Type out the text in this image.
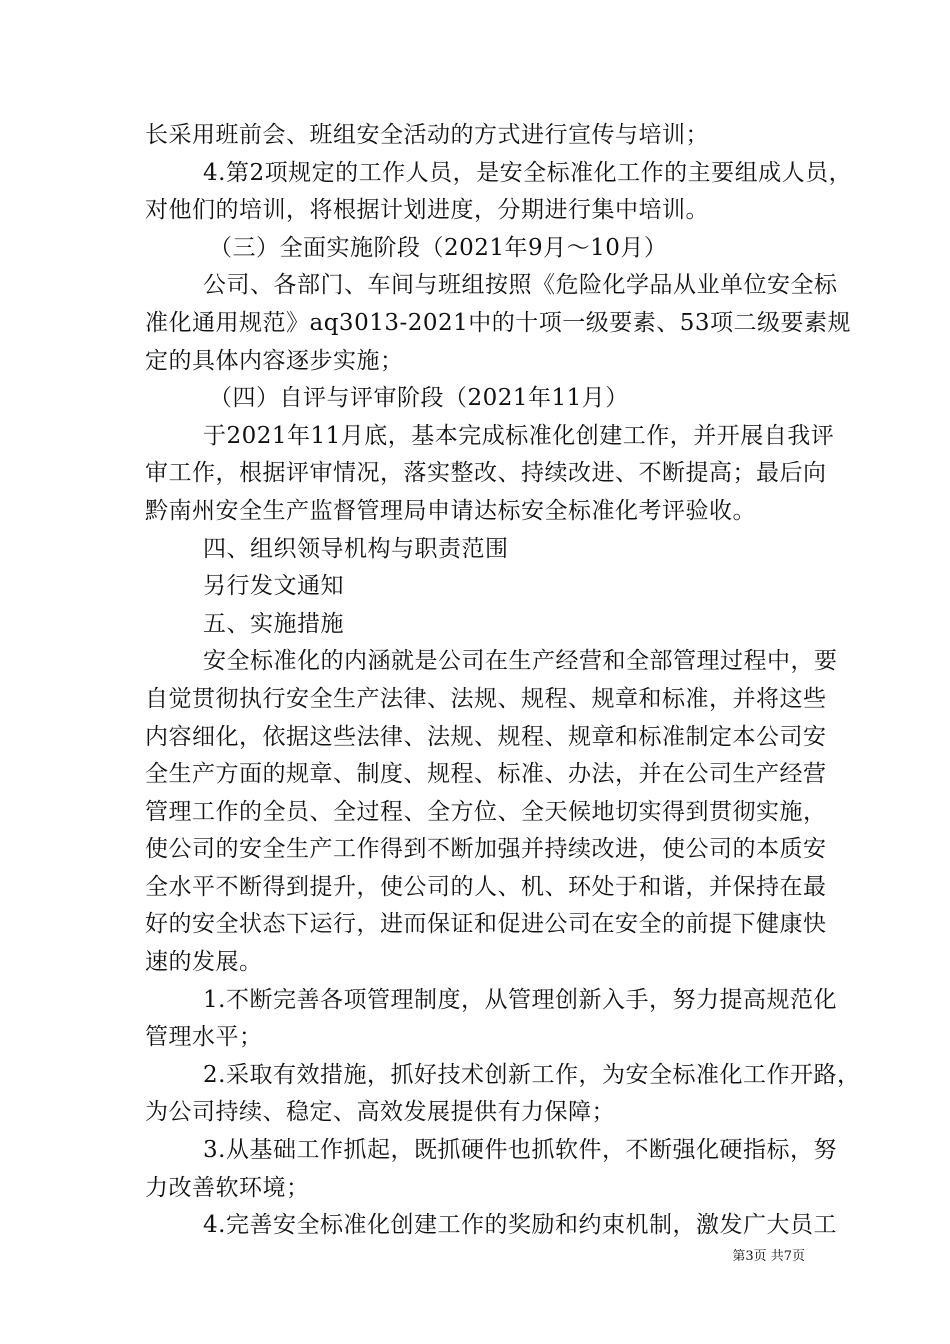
长采用班前会、班组安全活动的方式进行宣传与培训；
4.第2项规定的工作人员，是安全标准化工作的主要组成人员，
对他们的培训，将根据计划进度，分期进行集中培训。
（三）全面实施阶段（2021年9月～10月）
公司、各部门、车间与班组按照《危险化学品从业单位安全标
准化通用规范》aq3013-2021中的十项一级要素、53项二级要素规
定的具体内容逐步实施；
（四）自评与评审阶段（2021年11月）
于2021年11月底，基本完成标准化创建工作，并开展自我评
审工作，根据评审情况，落实整改、持续改进、不断提高；最后向
黔南州安全生产监督管理局申请达标安全标准化考评验收。
四、组织领导机构与职责范围
另行发文通知
五、实施措施
安全标准化的内涵就是公司在生产经营和全部管理过程中，要
自觉贯彻执行安全生产法律、法规、规程、规章和标准，并将这些
内容细化，依据这些法律、法规、规程、规章和标准制定本公司安
全生产方面的规章、制度、规程、标准、办法，并在公司生产经营
管理工作的全员、全过程、全方位、全天候地切实得到贯彻实施，
使公司的安全生产工作得到不断加强并持续改进，使公司的本质安
全水平不断得到提升，使公司的人、机、环处于和谐，并保持在最
好的安全状态下运行，进而保证和促进公司在安全的前提下健康快
速的发展。
1.不断完善各项管理制度，从管理创新入手，努力提高规范化
管理水平；
2.采取有效措施，抓好技术创新工作，为安全标准化工作开路，
为公司持续、稳定、高效发展提供有力保障；
3.从基础工作抓起，既抓硬件也抓软件，不断强化硬指标，努
力改善软环境；
4.完善安全标准化创建工作的奖励和约束机制，激发广大员工
第3页 共7页
